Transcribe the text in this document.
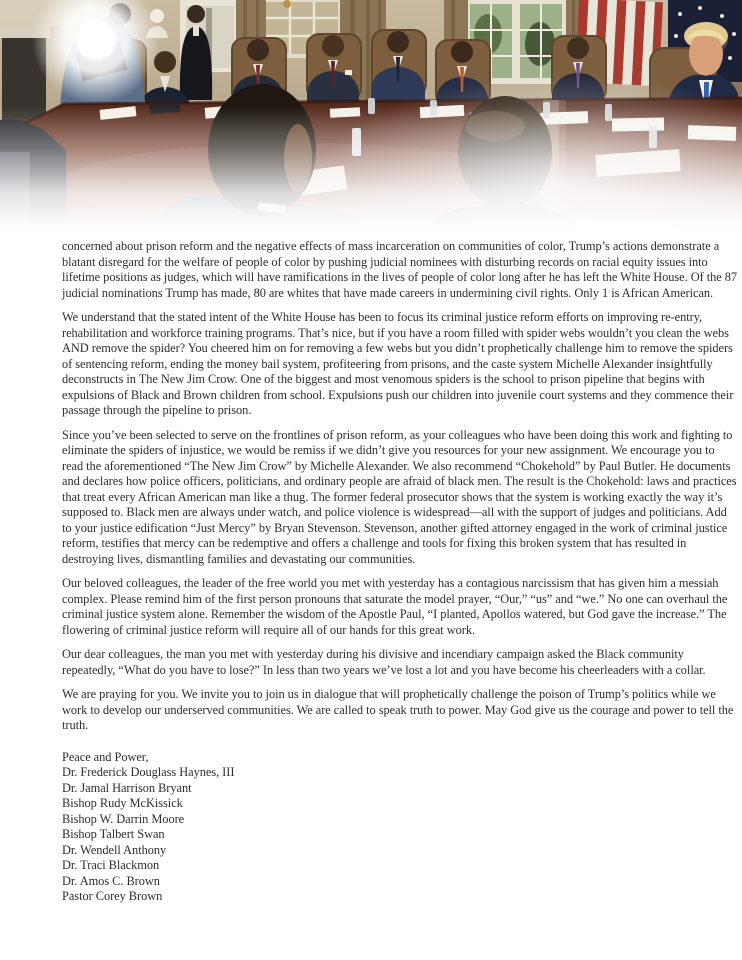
concerned about prison reform and the negative effects of mass incarceration on communities of color, Trump’s actions demonstrate a blatant disregard for the welfare of people of color by pushing judicial nominees with disturbing records on racial equity issues into lifetime positions as judges, which will have ramifications in the lives of people of color long after he has left the White House. Of the 87 judicial nominations Trump has made, 80 are whites that have made careers in undermining civil rights. Only 1 is African American.

We understand that the stated intent of the White House has been to focus its criminal justice reform efforts on improving re-entry, rehabilitation and workforce training programs. That’s nice, but if you have a room filled with spider webs wouldn’t you clean the webs AND remove the spider? You cheered him on for removing a few webs but you didn’t prophetically challenge him to remove the spiders of sentencing reform, ending the money bail system, profiteering from prisons, and the caste system Michelle Alexander insightfully deconstructs in The New Jim Crow. One of the biggest and most venomous spiders is the school to prison pipeline that begins with expulsions of Black and Brown children from school. Expulsions push our children into juvenile court systems and they commence their passage through the pipeline to prison.

Since you’ve been selected to serve on the frontlines of prison reform, as your colleagues who have been doing this work and fighting to eliminate the spiders of injustice, we would be remiss if we didn’t give you resources for your new assignment. We encourage you to read the aforementioned “The New Jim Crow” by Michelle Alexander. We also recommend “Chokehold” by Paul Butler. He documents and declares how police officers, politicians, and ordinary people are afraid of black men. The result is the Chokehold: laws and practices that treat every African American man like a thug. The former federal prosecutor shows that the system is working exactly the way it’s supposed to. Black men are always under watch, and police violence is widespread—all with the support of judges and politicians. Add to your justice edification “Just Mercy” by Bryan Stevenson. Stevenson, another gifted attorney engaged in the work of criminal justice reform, testifies that mercy can be redemptive and offers a challenge and tools for fixing this broken system that has resulted in destroying lives, dismantling families and devastating our communities.

Our beloved colleagues, the leader of the free world you met with yesterday has a contagious narcissism that has given him a messiah complex. Please remind him of the first person pronouns that saturate the model prayer, “Our,” “us” and “we.” No one can overhaul the criminal justice system alone. Remember the wisdom of the Apostle Paul, “I planted, Apollos watered, but God gave the increase.” The flowering of criminal justice reform will require all of our hands for this great work.

Our dear colleagues, the man you met with yesterday during his divisive and incendiary campaign asked the Black community repeatedly, “What do you have to lose?” In less than two years we’ve lost a lot and you have become his cheerleaders with a collar.

We are praying for you. We invite you to join us in dialogue that will prophetically challenge the poison of Trump’s politics while we work to develop our underserved communities. We are called to speak truth to power. May God give us the courage and power to tell the truth.

Peace and Power,
Dr. Frederick Douglass Haynes, III
Dr. Jamal Harrison Bryant
Bishop Rudy McKissick
Bishop W. Darrin Moore
Bishop Talbert Swan
Dr. Wendell Anthony
Dr. Traci Blackmon
Dr. Amos C. Brown
Pastor Corey Brown
